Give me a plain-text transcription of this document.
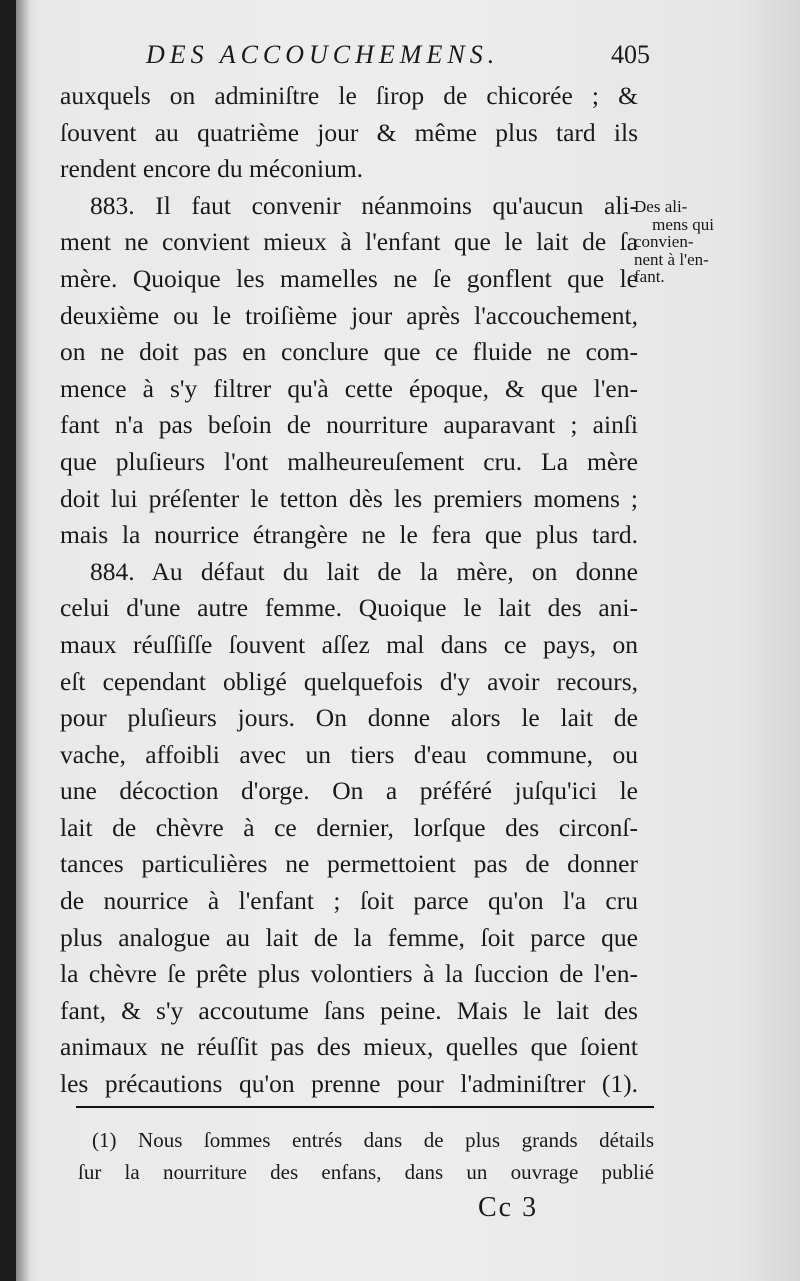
DES ACCOUCHEMENS.	405
auxquels on adminiſtre le ſirop de chicorée ; &
ſouvent au quatrième jour & même plus tard ils
rendent encore du méconium.
883. Il faut convenir néanmoins qu'aucun ali-
ment ne convient mieux à l'enfant que le lait de ſa
mère. Quoique les mamelles ne ſe gonflent que le
deuxième ou le troiſième jour après l'accouchement,
on ne doit pas en conclure que ce fluide ne com-
mence à s'y filtrer qu'à cette époque, & que l'en-
fant n'a pas beſoin de nourriture auparavant ; ainſi
que pluſieurs l'ont malheureuſement cru. La mère
doit lui préſenter le tetton dès les premiers momens ;
mais la nourrice étrangère ne le fera que plus tard.
884. Au défaut du lait de la mère, on donne
celui d'une autre femme. Quoique le lait des ani-
maux réuſſiſſe ſouvent aſſez mal dans ce pays, on
eſt cependant obligé quelquefois d'y avoir recours,
pour pluſieurs jours. On donne alors le lait de
vache, affoibli avec un tiers d'eau commune, ou
une décoction d'orge. On a préféré juſqu'ici le
lait de chèvre à ce dernier, lorſque des circonſ-
tances particulières ne permettoient pas de donner
de nourrice à l'enfant ; ſoit parce qu'on l'a cru
plus analogue au lait de la femme, ſoit parce que
la chèvre ſe prête plus volontiers à la ſuccion de l'en-
fant, & s'y accoutume ſans peine. Mais le lait des
animaux ne réuſſit pas des mieux, quelles que ſoient
les précautions qu'on prenne pour l'adminiſtrer (1).
Des ali-
mens qui
convien-
nent à l'en-
fant.
(1) Nous ſommes entrés dans de plus grands détails
ſur la nourriture des enfans, dans un ouvrage publié
Cc 3
